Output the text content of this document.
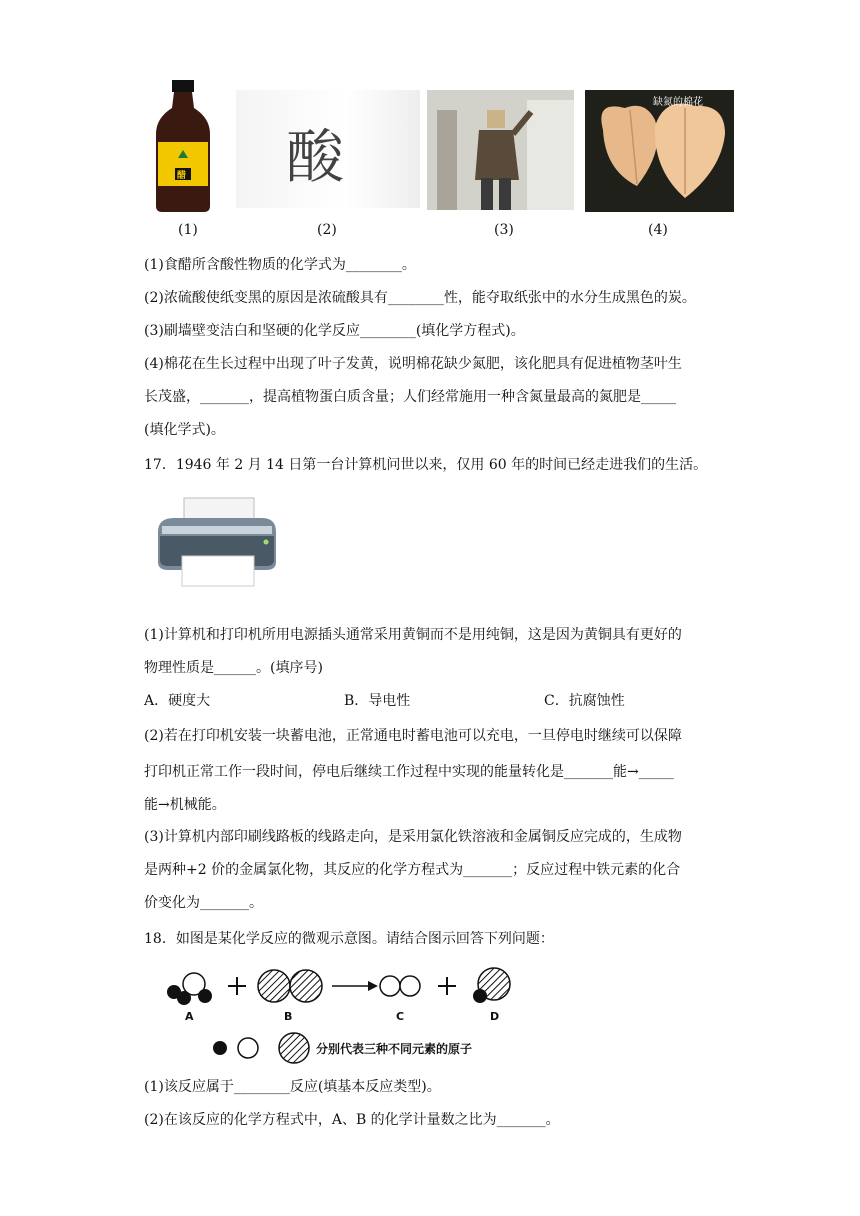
醋 酸
缺氮的棉花
(1)	(2)	(3)	(4)
(1)食醋所含酸性物质的化学式为________。
(2)浓硫酸使纸变黑的原因是浓硫酸具有________性，能夺取纸张中的水分生成黑色的炭。
(3)刷墙壁变洁白和坚硬的化学反应________(填化学方程式)。
(4)棉花在生长过程中出现了叶子发黄，说明棉花缺少氮肥，该化肥具有促进植物茎叶生
长茂盛，_______，提高植物蛋白质含量；人们经常施用一种含氮量最高的氮肥是_____
(填化学式)。
17．1946 年 2 月 14 日第一台计算机问世以来，仅用 60 年的时间已经走进我们的生活。
(1)计算机和打印机所用电源插头通常采用黄铜而不是用纯铜，这是因为黄铜具有更好的
物理性质是______。(填序号)
A．硬度大	B．导电性	C．抗腐蚀性
(2)若在打印机安装一块蓄电池，正常通电时蓄电池可以充电，一旦停电时继续可以保障
打印机正常工作一段时间，停电后继续工作过程中实现的能量转化是_______能→_____
能→机械能。
(3)计算机内部印刷线路板的线路走向，是采用氯化铁溶液和金属铜反应完成的，生成物
是两种+2 价的金属氯化物，其反应的化学方程式为_______；反应过程中铁元素的化合
价变化为_______。
18．如图是某化学反应的微观示意图。请结合图示回答下列问题：
A	B	C	D
分别代表三种不同元素的原子
(1)该反应属于________反应(填基本反应类型)。
(2)在该反应的化学方程式中，A、B 的化学计量数之比为_______。
